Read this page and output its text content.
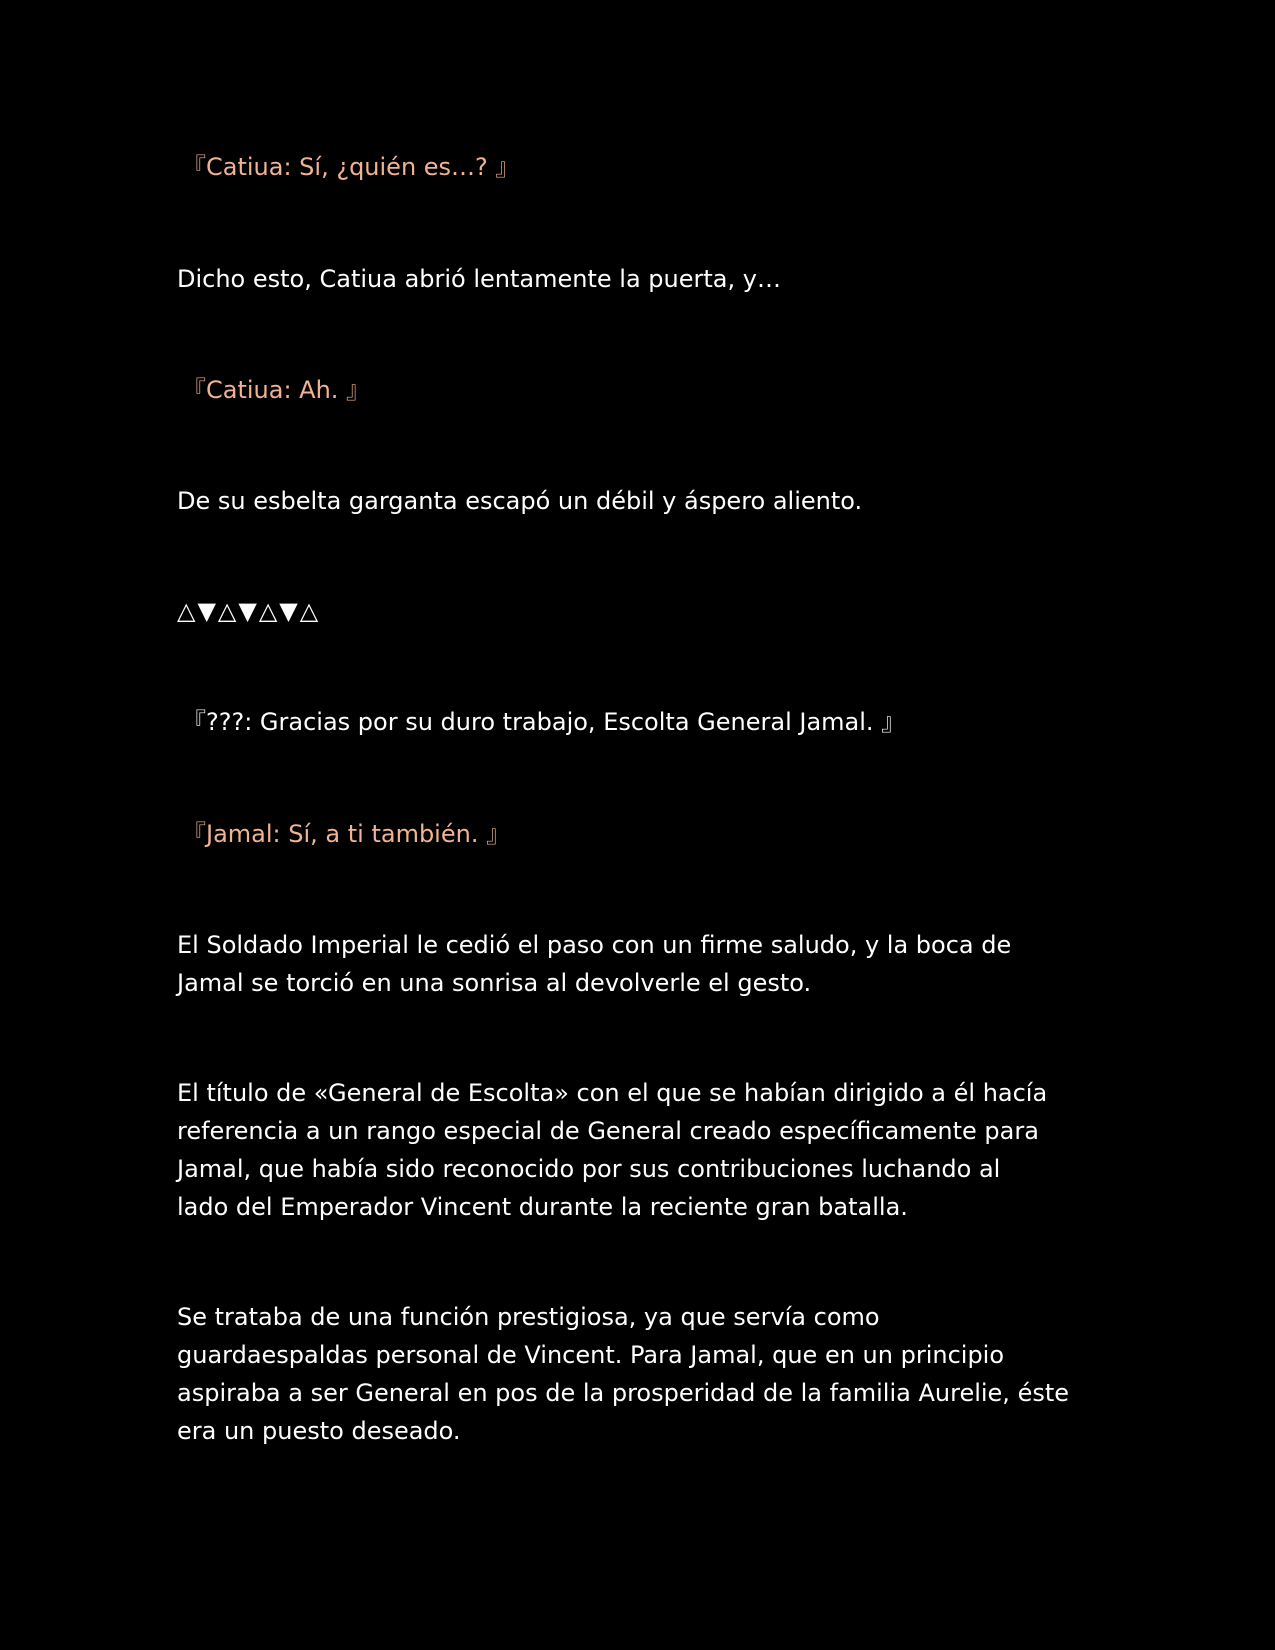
『Catiua: Sí, ¿quién es…? 』

Dicho esto, Catiua abrió lentamente la puerta, y…

『Catiua: Ah. 』

De su esbelta garganta escapó un débil y áspero aliento.

△▼△▼△▼△

『???: Gracias por su duro trabajo, Escolta General Jamal. 』

『Jamal: Sí, a ti también. 』

El Soldado Imperial le cedió el paso con un firme saludo, y la boca de
Jamal se torció en una sonrisa al devolverle el gesto.

El título de «General de Escolta» con el que se habían dirigido a él hacía
referencia a un rango especial de General creado específicamente para
Jamal, que había sido reconocido por sus contribuciones luchando al
lado del Emperador Vincent durante la reciente gran batalla.

Se trataba de una función prestigiosa, ya que servía como
guardaespaldas personal de Vincent. Para Jamal, que en un principio
aspiraba a ser General en pos de la prosperidad de la familia Aurelie, éste
era un puesto deseado.
